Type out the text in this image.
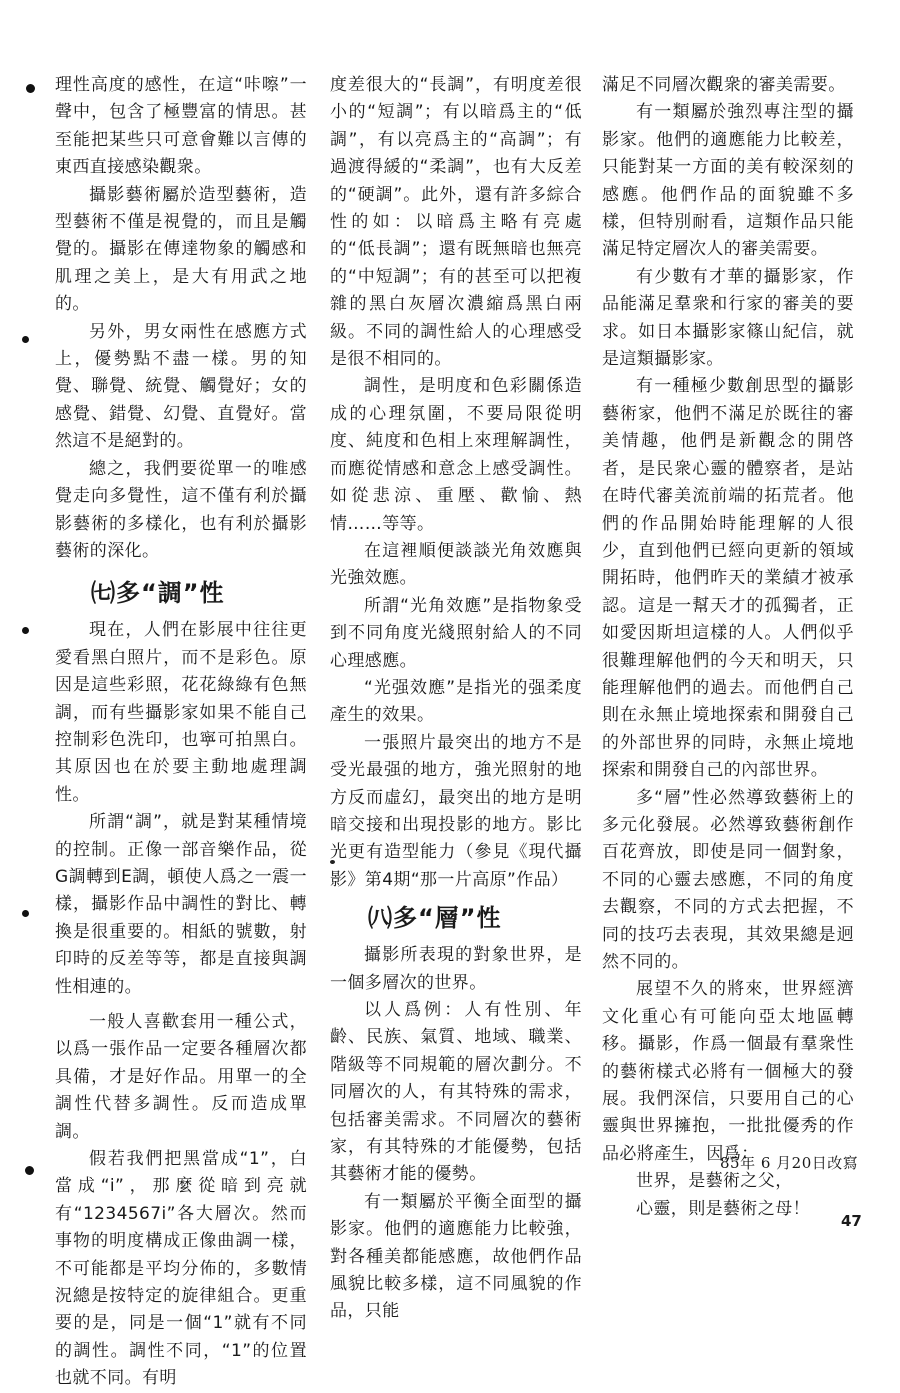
理性高度的感性，在這“咔嚓”一聲中，包含了極豐富的情思。甚至能把某些只可意會難以言傳的東西直接感染觀衆。

攝影藝術屬於造型藝術，造型藝術不僅是視覺的，而且是觸覺的。攝影在傳達物象的觸感和肌理之美上，是大有用武之地的。

另外，男女兩性在感應方式上，優勢點不盡一樣。男的知覺、聯覺、統覺、觸覺好；女的感覺、錯覺、幻覺、直覺好。當然這不是絕對的。

總之，我們要從單一的唯感覺走向多覺性，這不僅有利於攝影藝術的多樣化，也有利於攝影藝術的深化。

㈦多“調”性

現在，人們在影展中往往更愛看黑白照片，而不是彩色。原因是這些彩照，花花綠綠有色無調，而有些攝影家如果不能自己控制彩色洗印，也寧可拍黑白。其原因也在於要主動地處理調性。

所謂“調”，就是對某種情境的控制。正像一部音樂作品，從G調轉到E調，頓使人爲之一震一樣，攝影作品中調性的對比、轉換是很重要的。相紙的號數，射印時的反差等等，都是直接與調性相連的。

一般人喜歡套用一種公式，以爲一張作品一定要各種層次都具備，才是好作品。用單一的全調性代替多調性。反而造成單調。

假若我們把黑當成“1”，白當成“i”，那麼從暗到亮就有“1234567i”各大層次。然而事物的明度構成正像曲調一樣，不可能都是平均分佈的，多數情況總是按特定的旋律組合。更重要的是，同是一個“1”就有不同的調性。調性不同，“1”的位置也就不同。有明

度差很大的“長調”，有明度差很小的“短調”；有以暗爲主的“低調”，有以亮爲主的“高調”；有過渡得緩的“柔調”，也有大反差的“硬調”。此外，還有許多綜合性的如：以暗爲主略有亮處的“低長調”；還有既無暗也無亮的“中短調”；有的甚至可以把複雜的黑白灰層次濃縮爲黑白兩級。不同的調性給人的心理感受是很不相同的。

調性，是明度和色彩關係造成的心理氛圍，不要局限從明度、純度和色相上來理解調性，而應從情感和意念上感受調性。如從悲涼、重壓、歡愉、熱情……等等。

在這裡順便談談光角效應與光強效應。

所謂“光角效應”是指物象受到不同角度光綫照射給人的不同心理感應。

“光强效應”是指光的强柔度產生的效果。

一張照片最突出的地方不是受光最强的地方，強光照射的地方反而虛幻，最突出的地方是明暗交接和出現投影的地方。影比光更有造型能力（參見《現代攝影》第4期“那一片高原”作品）

㈧多“層”性

攝影所表現的對象世界，是一個多層次的世界。

以人爲例：人有性別、年齡、民族、氣質、地域、職業、階級等不同規範的層次劃分。不同層次的人，有其特殊的需求，包括審美需求。不同層次的藝術家，有其特殊的才能優勢，包括其藝術才能的優勢。

有一類屬於平衡全面型的攝影家。他們的適應能力比較強，對各種美都能感應，故他們作品風貌比較多樣，這不同風貌的作品，只能

滿足不同層次觀衆的審美需要。

有一類屬於強烈專注型的攝影家。他們的適應能力比較差，只能對某一方面的美有較深刻的感應。他們作品的面貌雖不多樣，但特別耐看，這類作品只能滿足特定層次人的審美需要。

有少數有才華的攝影家，作品能滿足羣衆和行家的審美的要求。如日本攝影家篠山紀信，就是這類攝影家。

有一種極少數創思型的攝影藝術家，他們不滿足於既往的審美情趣，他們是新觀念的開啓者，是民衆心靈的體察者，是站在時代審美流前端的拓荒者。他們的作品開始時能理解的人很少，直到他們已經向更新的領域開拓時，他們昨天的業績才被承認。這是一幫天才的孤獨者，正如愛因斯坦這樣的人。人們似乎很難理解他們的今天和明天，只能理解他們的過去。而他們自己則在永無止境地探索和開發自己的外部世界的同時，永無止境地探索和開發自己的內部世界。

多“層”性必然導致藝術上的多元化發展。必然導致藝術創作百花齊放，即使是同一個對象，不同的心靈去感應，不同的角度去觀察，不同的方式去把握，不同的技巧去表現，其效果總是迥然不同的。

展望不久的將來，世界經濟文化重心有可能向亞太地區轉移。攝影，作爲一個最有羣衆性的藝術樣式必將有一個極大的發展。我們深信，只要用自己的心靈與世界擁抱，一批批優秀的作品必將產生，因爲：

世界，是藝術之父，

心靈，則是藝術之母！

85年 6 月20日改寫
47
